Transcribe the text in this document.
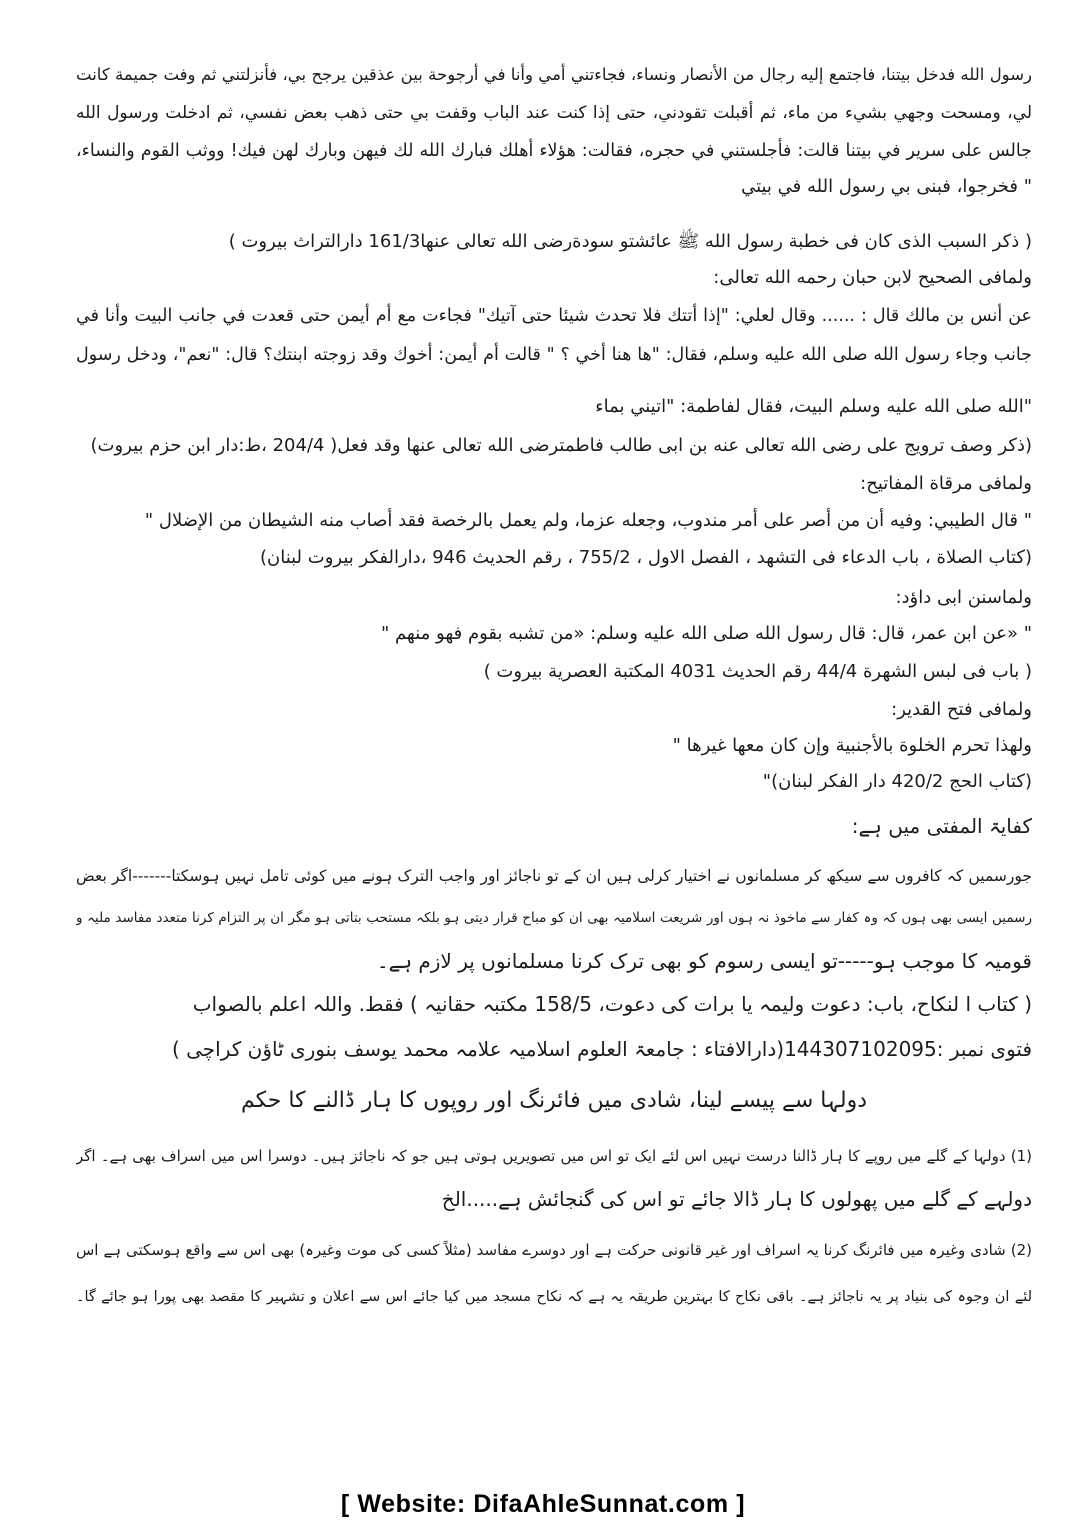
رسول الله فدخل بيتنا، فاجتمع إليه رجال من الأنصار ونساء، فجاءتني أمي وأنا في أرجوحة بين عذقين يرجح بي، فأنزلتني ثم وفت جميمة كانت
لي، ومسحت وجهي بشيء من ماء، ثم أقبلت تقودني، حتى إذا كنت عند الباب وقفت بي حتى ذهب بعض نفسي، ثم ادخلت ورسول الله
جالس على سرير في بيتنا قالت: فأجلستني في حجره، فقالت: هؤلاء أهلك فبارك الله لك فيهن وبارك لهن فيك! ووثب القوم والنساء،
" فخرجوا، فبنى بي رسول الله في بيتي
( ذكر السبب الذى كان فى خطبة رسول الله ﷺ عائشتو سودةرضى الله تعالى عنها161/3 دارالتراث بيروت )
ولمافى الصحيح لابن حبان رحمه الله تعالى:
عن أنس بن مالك قال : ...... وقال لعلي: "إذا أتتك فلا تحدث شيئا حتى آتيك" فجاءت مع أم أيمن حتى قعدت في جانب البيت وأنا في
جانب وجاء رسول الله صلى الله عليه وسلم، فقال: "ها هنا أخي ؟ " قالت أم أيمن: أخوك وقد زوجته ابنتك؟ قال: "نعم"، ودخل رسول
"الله صلى الله عليه وسلم البيت، فقال لفاطمة: "اتيني بماء
(ذكر وصف ترويج على رضى الله تعالى عنه بن ابى طالب فاطمترضى الله تعالى عنها وقد فعل( 204/4 ،ط:دار ابن حزم بيروت)
ولمافى مرقاة المفاتيح:
" قال الطيبي: وفيه أن من أصر على أمر مندوب، وجعله عزما، ولم يعمل بالرخصة فقد أصاب منه الشيطان من الإضلال "
(كتاب الصلاة ، باب الدعاء فى التشهد ، الفصل الاول ، 755/2 ، رقم الحديث 946 ،دارالفكر بيروت لبنان)
ولماسنن ابى داؤد:
" «عن ابن عمر، قال: قال رسول الله صلى الله عليه وسلم: «من تشبه بقوم فهو منهم "
( باب فى لبس الشهرة 44/4 رقم الحديث 4031 المكتبة العصرية بيروت )
ولمافى فتح القدير:
ولهذا تحرم الخلوة بالأجنبية وإن كان معها غيرها "
(كتاب الحج 420/2 دار الفكر لبنان)"
کفایۃ المفتی میں ہے:
جورسمیں کہ کافروں سے سیکھ کر مسلمانوں نے اختیار کرلی ہیں ان کے تو ناجائز اور واجب الترک ہونے میں کوئی تامل نہیں ہوسکتا-------اگر بعض
رسمیں ایسی بھی ہوں کہ وہ کفار سے ماخوذ نہ ہوں اور شریعت اسلامیہ بھی ان کو مباح قرار دیتی ہو بلکہ مستحب بتاتی ہو مگر ان پر التزام کرنا متعدد مفاسد ملیہ و
قومیہ کا موجب ہو-----تو ایسی رسوم کو بھی ترک کرنا مسلمانوں پر لازم ہے۔
( کتاب ا لنکاح، باب: دعوت ولیمہ یا برات کی دعوت، 158/5 مکتبہ حقانیہ ) فقط. واللہ اعلم بالصواب
فتوی نمبر :144307102095(دارالافتاء : جامعۃ العلوم اسلامیہ علامہ محمد یوسف بنوری ٹاؤن کراچی )
دولہا سے پیسے لینا، شادی میں فائرنگ اور روپوں کا ہار ڈالنے کا حکم
(1) دولہا کے گلے میں روپے کا ہار ڈالنا درست نہیں اس لئے ایک تو اس میں تصویریں ہوتی ہیں جو کہ ناجائز ہیں۔ دوسرا اس میں اسراف بھی ہے۔ اگر
دولہے کے گلے میں پھولوں کا ہار ڈالا جائے تو اس کی گنجائش ہے.....الخ
(2) شادی وغیرہ میں فائرنگ کرنا یہ اسراف اور غیر قانونی حرکت ہے اور دوسرے مفاسد (مثلاً کسی کی موت وغیرہ) بھی اس سے واقع ہوسکتی ہے اس
لئے ان وجوہ کی بنیاد پر یہ ناجائز ہے۔ باقی نکاح کا بہترین طریقہ یہ ہے کہ نکاح مسجد میں کیا جائے اس سے اعلان و تشہیر کا مقصد بھی پورا ہو جائے گا۔
[ Website: DifaAhleSunnat.com ]
